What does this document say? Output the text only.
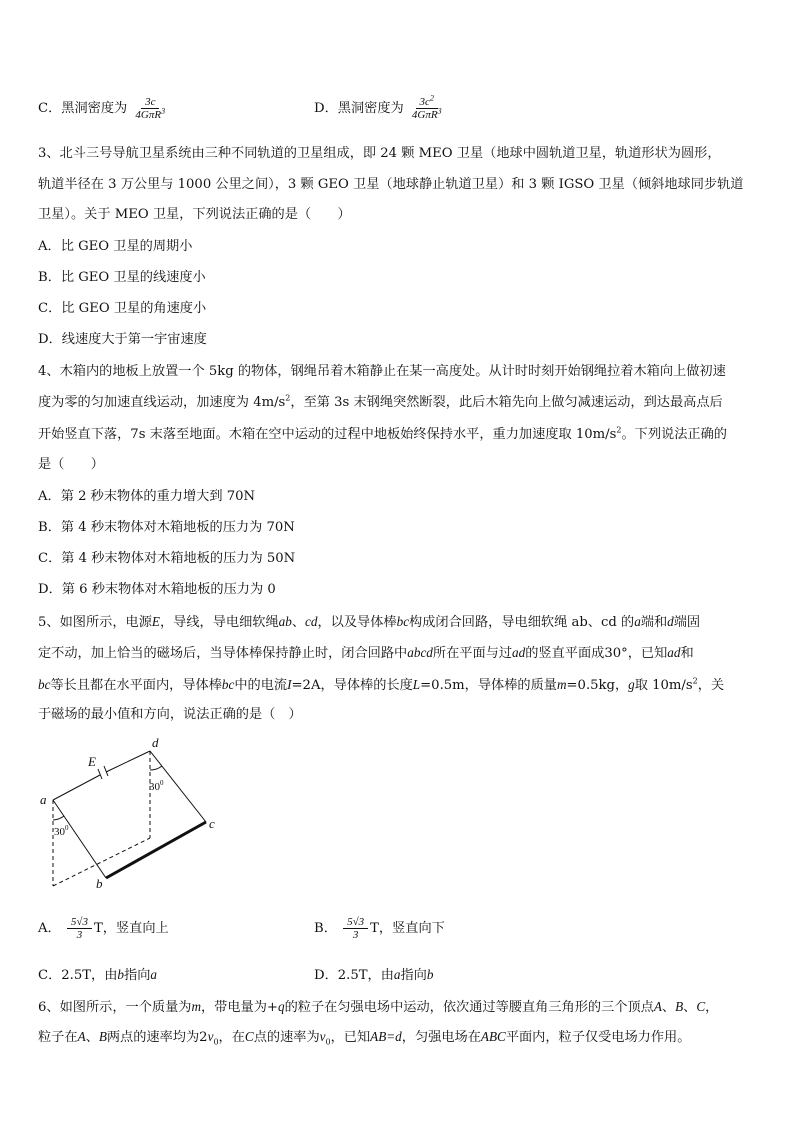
C．黑洞密度为 $\frac{3c}{4G\pi R^3}$	D．黑洞密度为 $\frac{3c^2}{4G\pi R^3}$
3、北斗三号导航卫星系统由三种不同轨道的卫星组成，即 24 颗 MEO 卫星（地球中圆轨道卫星，轨道形状为圆形，
轨道半径在 3 万公里与 1000 公里之间），3 颗 GEO 卫星（地球静止轨道卫星）和 3 颗 IGSO 卫星（倾斜地球同步轨道
卫星）。关于 MEO 卫星，下列说法正确的是（　　）
A．比 GEO 卫星的周期小
B．比 GEO 卫星的线速度小
C．比 GEO 卫星的角速度小
D．线速度大于第一宇宙速度
4、木箱内的地板上放置一个 5kg 的物体，钢绳吊着木箱静止在某一高度处。从计时时刻开始钢绳拉着木箱向上做初速
度为零的匀加速直线运动，加速度为 $4m/s^2$，至第 3s 末钢绳突然断裂，此后木箱先向上做匀减速运动，到达最高点后
开始竖直下落，7s 末落至地面。木箱在空中运动的过程中地板始终保持水平，重力加速度取 $10m/s^2$。下列说法正确的
是（　　）
A．第 2 秒末物体的重力增大到 70N
B．第 4 秒末物体对木箱地板的压力为 70N
C．第 4 秒末物体对木箱地板的压力为 50N
D．第 6 秒末物体对木箱地板的压力为 0
5、如图所示，电源E，导线，导电细软绳ab、cd，以及导体棒bc构成闭合回路，导电细软绳 ab、cd 的a端和d端固
定不动，加上恰当的磁场后，当导体棒保持静止时，闭合回路中abcd所在平面与过ad的竖直平面成30°，已知ad和
bc等长且都在水平面内，导体棒bc中的电流I=2A，导体棒的长度L=0.5m，导体棒的质量m=0.5kg，g取 $10m/s^2$，关
于磁场的最小值和方向，说法正确的是（　）
a
b
c
d
E
$30^0$
$30^0$
A． $\frac{5√3}{3}$ T，竖直向上	B． $\frac{5√3}{3}$ T，竖直向下
C．2.5T，由b指向a	D．2.5T，由a指向b
6、如图所示，一个质量为m，带电量为+q的粒子在匀强电场中运动，依次通过等腰直角三角形的三个顶点A、B、C，
粒子在A、B两点的速率均为$2v_0$，在C点的速率为$v_0$，已知AB=d，匀强电场在ABC平面内，粒子仅受电场力作用。
